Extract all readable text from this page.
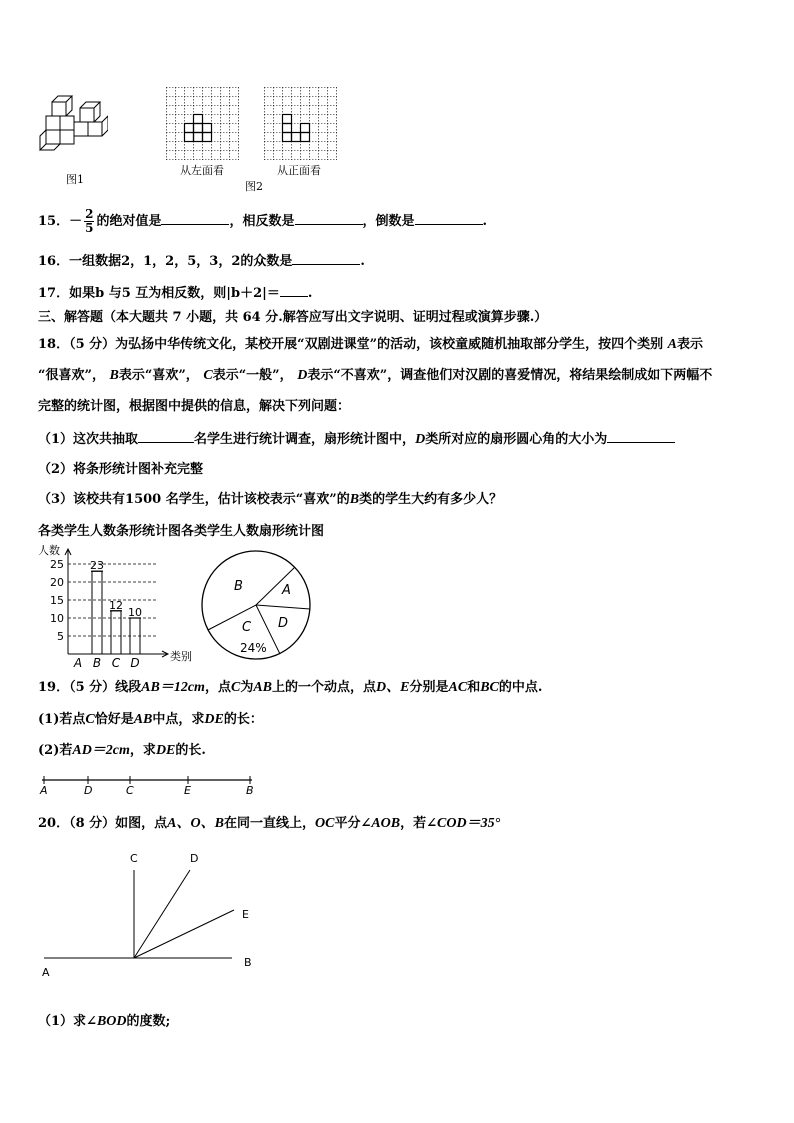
图1
从左面看	从正面看
图2
15．－ $\frac{2}{5}$ 的绝对值是	，相反数是	，倒数是	.
16．一组数据2，1，2，5，3，2的众数是	.
17．如果b 与5 互为相反数，则|b＋2|＝ .
三、解答题（本大题共 7 小题，共 64 分.解答应写出文字说明、证明过程或演算步骤.）
18．（5 分）为弘扬中华传统文化，某校开展“双剧进课堂”的活动，该校童威随机抽取部分学生，按四个类别 A表示
“很喜欢”， B表示“喜欢”， C表示“一般”， D表示“不喜欢”，调查他们对汉剧的喜爱情况，将结果绘制成如下两幅不
完整的统计图，根据图中提供的信息，解决下列问题：
（1）这次共抽取	名学生进行统计调查，扇形统计图中，D类所对应的扇形圆心角的大小为
（2）将条形统计图补充完整
（3）该校共有1500 名学生，估计该校表示“喜欢”的B类的学生大约有多少人？
各类学生人数条形统计图各类学生人数扇形统计图
人数
类别
5
10
15
20
25
A B
23
C
12
D
10
B	A
D
C
24%
19．（5 分）线段AB＝12cm，点C为AB上的一个动点，点D、E分别是AC和BC的中点.
(1)若点C恰好是AB中点，求DE的长：
(2)若AD＝2cm，求DE的长.
A	D	C	E	B
20．（8 分）如图，点A、O、B在同一直线上，OC平分∠AOB，若∠COD＝35°
A
B
C	D
E
（1）求∠BOD的度数;
